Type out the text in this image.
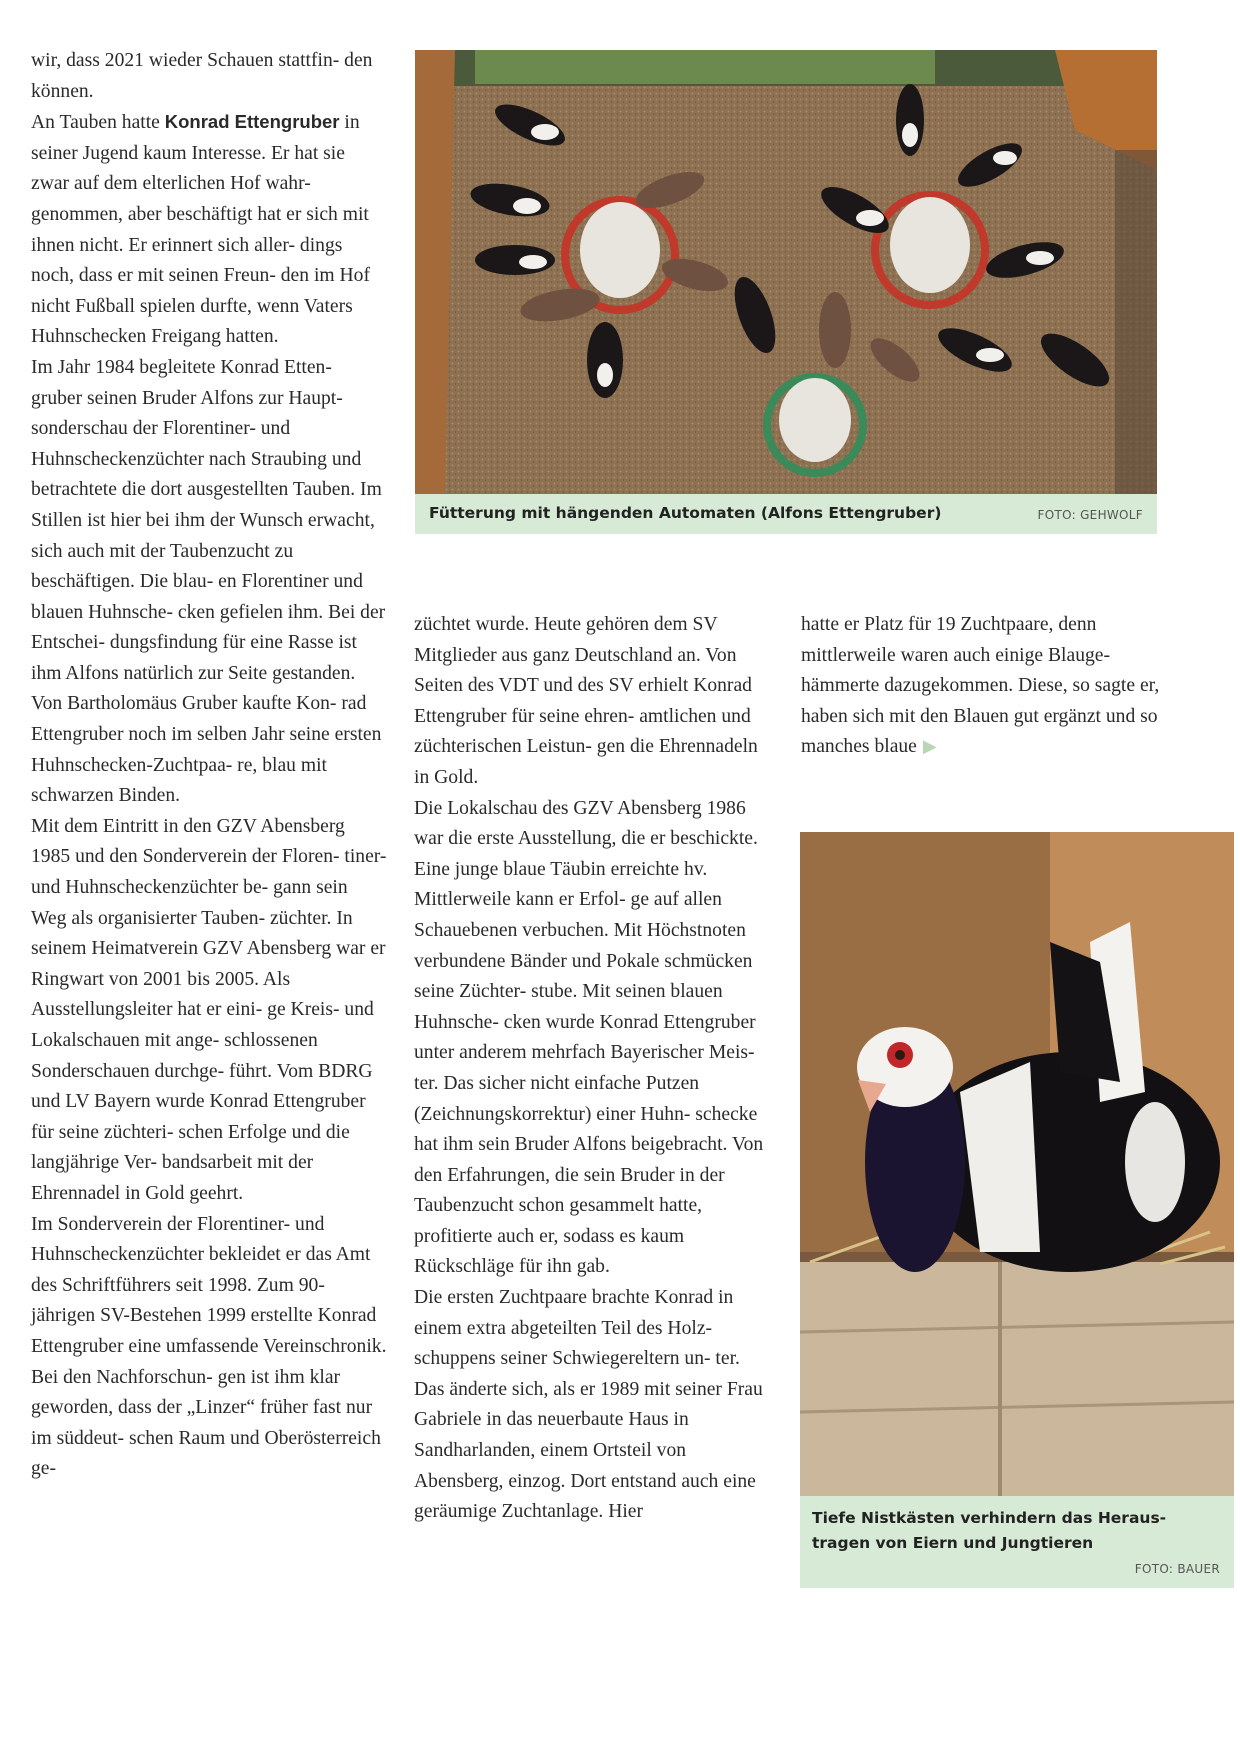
wir, dass 2021 wieder Schauen stattfin- den können.

An Tauben hatte Konrad Ettengruber in seiner Jugend kaum Interesse. Er hat sie zwar auf dem elterlichen Hof wahr- genommen, aber beschäftigt hat er sich mit ihnen nicht. Er erinnert sich aller- dings noch, dass er mit seinen Freun- den im Hof nicht Fußball spielen durfte, wenn Vaters Huhnschecken Freigang hatten.

Im Jahr 1984 begleitete Konrad Etten- gruber seinen Bruder Alfons zur Haupt- sonderschau der Florentiner- und Huhnscheckenzüchter nach Straubing und betrachtete die dort ausgestellten Tauben. Im Stillen ist hier bei ihm der Wunsch erwacht, sich auch mit der Taubenzucht zu beschäftigen. Die blau- en Florentiner und blauen Huhnsche- cken gefielen ihm. Bei der Entschei- dungsfindung für eine Rasse ist ihm Alfons natürlich zur Seite gestanden. Von Bartholomäus Gruber kaufte Kon- rad Ettengruber noch im selben Jahr seine ersten Huhnschecken-Zuchtpaa- re, blau mit schwarzen Binden.

Mit dem Eintritt in den GZV Abensberg 1985 und den Sonderverein der Floren- tiner- und Huhnscheckenzüchter be- gann sein Weg als organisierter Tauben- züchter. In seinem Heimatverein GZV Abensberg war er Ringwart von 2001 bis 2005. Als Ausstellungsleiter hat er eini- ge Kreis- und Lokalschauen mit ange- schlossenen Sonderschauen durchge- führt. Vom BDRG und LV Bayern wurde Konrad Ettengruber für seine züchteri- schen Erfolge und die langjährige Ver- bandsarbeit mit der Ehrennadel in Gold geehrt.

Im Sonderverein der Florentiner- und Huhnscheckenzüchter bekleidet er das Amt des Schriftführers seit 1998. Zum 90-jährigen SV-Bestehen 1999 erstellte Konrad Ettengruber eine umfassende Vereinschronik. Bei den Nachforschun- gen ist ihm klar geworden, dass der „Linzer“ früher fast nur im süddeut- schen Raum und Oberösterreich ge-

Fütterung mit hängenden Automaten (Alfons Ettengruber)	FOTO: GEHWOLF

züchtet wurde. Heute gehören dem SV Mitglieder aus ganz Deutschland an. Von Seiten des VDT und des SV erhielt Konrad Ettengruber für seine ehren- amtlichen und züchterischen Leistun- gen die Ehrennadeln in Gold.

Die Lokalschau des GZV Abensberg 1986 war die erste Ausstellung, die er beschickte. Eine junge blaue Täubin erreichte hv. Mittlerweile kann er Erfol- ge auf allen Schauebenen verbuchen. Mit Höchstnoten verbundene Bänder und Pokale schmücken seine Züchter- stube. Mit seinen blauen Huhnsche- cken wurde Konrad Ettengruber unter anderem mehrfach Bayerischer Meis- ter. Das sicher nicht einfache Putzen (Zeichnungskorrektur) einer Huhn- schecke hat ihm sein Bruder Alfons beigebracht. Von den Erfahrungen, die sein Bruder in der Taubenzucht schon gesammelt hatte, profitierte auch er, sodass es kaum Rückschläge für ihn gab.

Die ersten Zuchtpaare brachte Konrad in einem extra abgeteilten Teil des Holz- schuppens seiner Schwiegereltern un- ter. Das änderte sich, als er 1989 mit seiner Frau Gabriele in das neuerbaute Haus in Sandharlanden, einem Ortsteil von Abensberg, einzog. Dort entstand auch eine geräumige Zuchtanlage. Hier

hatte er Platz für 19 Zuchtpaare, denn mittlerweile waren auch einige Blauge- hämmerte dazugekommen. Diese, so sagte er, haben sich mit den Blauen gut ergänzt und so manches blaue ▶

Tiefe Nistkästen verhindern das Heraus- tragen von Eiern und Jungtieren
FOTO: BAUER
